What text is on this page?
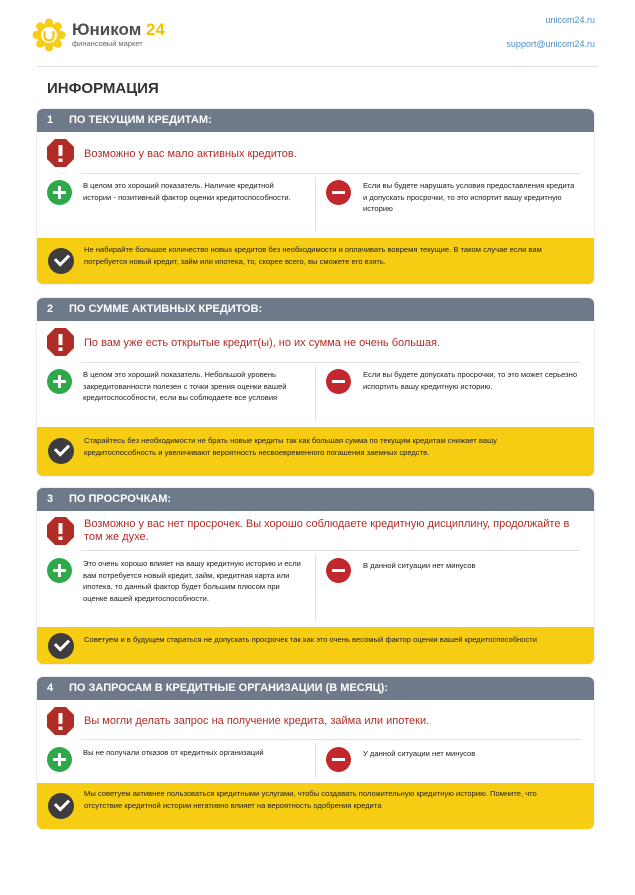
Юником 24
финансовый маркет
unicom24.ru
support@unicom24.ru
ИНФОРМАЦИЯ
1 ПО ТЕКУЩИМ КРЕДИТАМ:
Возможно у вас мало активных кредитов.
В целом это хороший показатель. Наличие кредитной истории - позитивный фактор оценки кредитоспособности.
Если вы будете нарушать условия предоставления кредита и допускать просрочки, то это испортит вашу кредитную историю
Не набирайте большое количество новых кредитов без необходимости и оплачивать вовремя текущие. В таком случае если вам потребуется новый кредит, займ или ипотека, то, скорее всего, вы сможете его взять.
2 ПО СУММЕ АКТИВНЫХ КРЕДИТОВ:
По вам уже есть открытые кредит(ы), но их сумма не очень большая.
В целом это хороший показатель. Небольшой уровень закредитованности полезен с точки зрения оценки вашей кредитоспособности, если вы соблюдаете все условия
Если вы будете допускать просрочки, то это может серьезно испортить вашу кредитную историю.
Старайтесь без необходимости не брать новые кредиты так как большая сумма по текущим кредитам снижает вашу кредитоспособность и увеличивают вероятность несвоевременного погашения заемных средств.
3 ПО ПРОСРОЧКАМ:
Возможно у вас нет просрочек. Вы хорошо соблюдаете кредитную дисциплину, продолжайте в том же духе.
Это очень хорошо влияет на вашу кредитную историю и если вам потребуется новый кредит, займ, кредитная карта или ипотека, то данный фактор будет большим плюсом при оценке вашей кредитоспособности.
В данной ситуации нет минусов
Советуем и в будущем стараться не допускать просрочек так как это очень весомый фактор оценки вашей кредитоспособности
4 ПО ЗАПРОСАМ В КРЕДИТНЫЕ ОРГАНИЗАЦИИ (В МЕСЯЦ):
Вы могли делать запрос на получение кредита, займа или ипотеки.
Вы не получали отказов от кредитных организаций	У данной ситуации нет минусов
Мы советуем активнее пользоваться кредитными услугами, чтобы создавать положительную кредитную историю. Помните, что отсутствие кредитной истории негативно влияет на вероятность одобрения кредита
